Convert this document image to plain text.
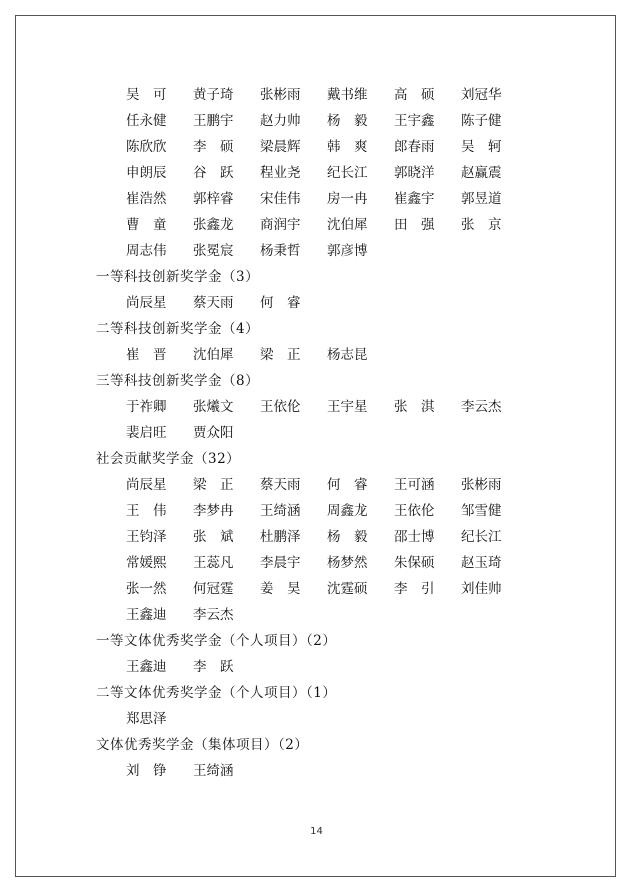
吴　可	黄子琦	张彬雨	戴书维	高　硕	刘冠华
任永健	王鹏宇	赵力帅	杨　毅	王宇鑫	陈子健
陈欣欣	李　硕	梁晨辉	韩　爽	郎春雨	吴　轲
申朗辰	谷　跃	程业尧	纪长江	郭晓洋	赵赢震
崔浩然	郭梓睿	宋佳伟	房一冉	崔鑫宇	郭昱道
曹　童	张鑫龙	商润宇	沈伯犀	田　强	张　京
周志伟	张冕宸	杨秉哲	郭彦博
一等科技创新奖学金（3）
尚辰星	蔡天雨	何　睿
二等科技创新奖学金（4）
崔　晋	沈伯犀	梁　正	杨志昆
三等科技创新奖学金（8）
于祚卿	张爔文	王依伦	王宇星	张　淇	李云杰
裴启旺	贾众阳
社会贡献奖学金（32）
尚辰星	梁　正	蔡天雨	何　睿	王可涵	张彬雨
王　伟	李梦冉	王绮涵	周鑫龙	王依伦	邹雪健
王钧泽	张　斌	杜鹏泽	杨　毅	邵士博	纪长江
常媛熙	王蕊凡	李晨宇	杨梦然	朱保硕	赵玉琦
张一然	何冠霆	姜　昊	沈霆硕	李　引	刘佳帅
王鑫迪	李云杰
一等文体优秀奖学金（个人项目）（2）
王鑫迪	李　跃
二等文体优秀奖学金（个人项目）（1）
郑思泽
文体优秀奖学金（集体项目）（2）
刘　铮	王绮涵
14
